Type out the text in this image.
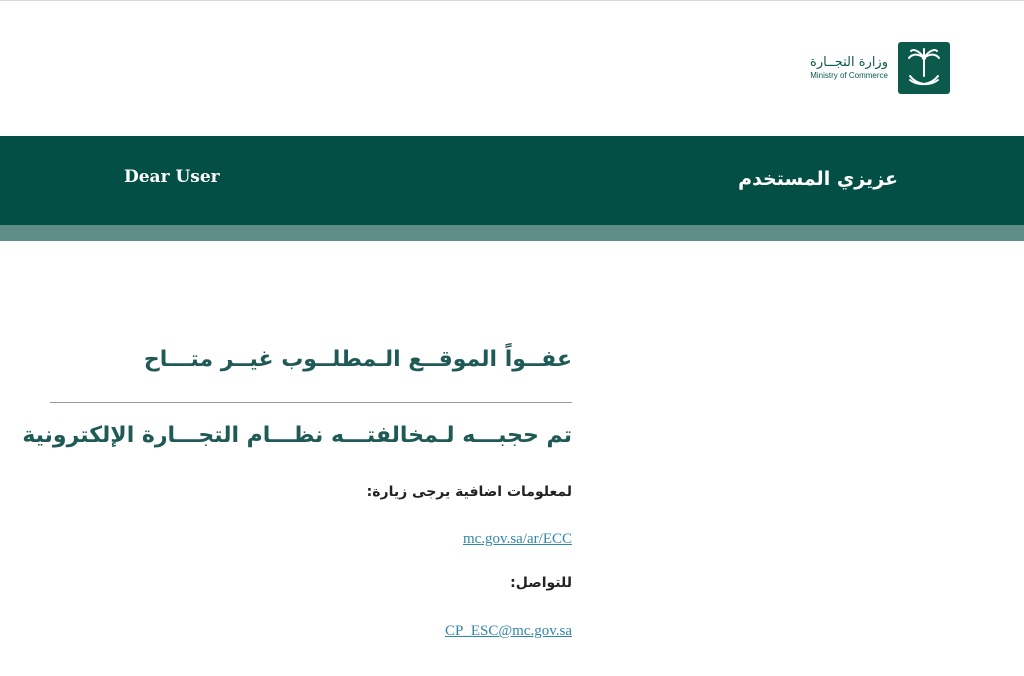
وزارة التجــارة
Ministry of Commerce
Dear User	عزيزي المستخدم
عفــواً الموقــع الـمطلــوب غيــر متـــاح
تم حجبـــه لـمخالفتـــه نظـــام التجـــارة الإلكترونية
لمعلومات اضافية يرجى زيارة:
mc.gov.sa/ar/ECC
للتواصل:
CP_ESC@mc.gov.sa
